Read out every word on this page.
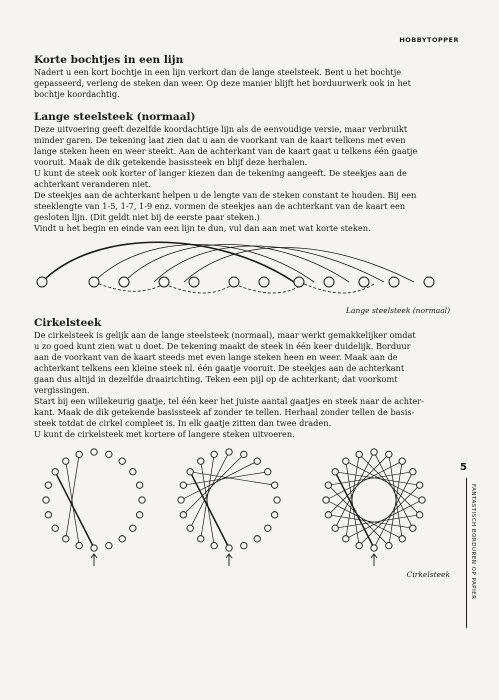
HOBBYTOPPER
Korte bochtjes in een lijn

Nadert u een kort bochtje in een lijn verkort dan de lange steelsteek. Bent u het bochtje

gepasseerd, verleng de steken dan weer. Op deze manier blijft het borduurwerk ook in het

bochtje koordachtig.

Lange steelsteek (normaal)

Deze uitvoering geeft dezelfde koordachtige lijn als de eenvoudige versie, maar verbruikt

minder garen. De tekening laat zien dat u aan de voorkant van de kaart telkens met even

lange steken heen en weer steekt. Aan de achterkant van de kaart gaat u telkens één gaatje

vooruit. Maak de dik getekende basissteek en blijf deze herhalen.

U kunt de steek ook korter of langer kiezen dan de tekening aangeeft. De steekjes aan de

achterkant veranderen niet.

De steekjes aan de achterkant helpen u de lengte van de steken constant te houden. Bij een

steeklengte van 1-5, 1-7, 1-9 enz. vormen de steekjes aan de achterkant van de kaart een

gesloten lijn. (Dit geldt niet bij de eerste paar steken.)

Vindt u het begin en einde van een lijn te dun, vul dan aan met wat korte steken.

Lange steelsteek (normaal)
Cirkelsteek

De cirkelsteek is gelijk aan de lange steelsteek (normaal), maar werkt gemakkelijker omdat

u zo goed kunt zien wat u doet. De tekening maakt de steek in één keer duidelijk. Borduur

aan de voorkant van de kaart steeds met even lange steken heen en weer. Maak aan de

achterkant telkens een kleine steek nl. één gaatje vooruit. De steekjes aan de achterkant

gaan dus altijd in dezelfde draairichting. Teken een pijl op de achterkant; dat voorkomt

vergissingen.

Start bij een willekeurig gaatje, tel één keer het juiste aantal gaatjes en steek naar de achter-

kant. Maak de dik getekende basissteek af zonder te tellen. Herhaal zonder tellen de basis-

steek totdat de cirkel compleet is. In elk gaatje zitten dan twee draden.

U kunt de cirkelsteek met kortere of langere steken uitvoeren.

Cirkelsteek
5
FANTASTISCH BORDUREN OP PAPIER
